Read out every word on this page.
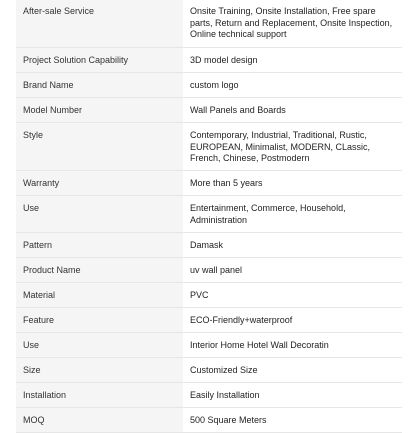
After-sale Service	Onsite Training, Onsite Installation, Free spare parts, Return and Replacement, Onsite Inspection, Online technical support
Project Solution Capability	3D model design
Brand Name	custom logo
Model Number	Wall Panels and Boards
Style	Contemporary, Industrial, Traditional, Rustic, EUROPEAN, Minimalist, MODERN, CLassic, French, Chinese, Postmodern
Warranty	More than 5 years
Use	Entertainment, Commerce, Household, Administration
Pattern	Damask
Product Name	uv wall panel
Material	PVC
Feature	ECO-Friendly+waterproof
Use	Interior Home Hotel Wall Decoratin
Size	Customized Size
Installation	Easily Installation
MOQ	500 Square Meters
